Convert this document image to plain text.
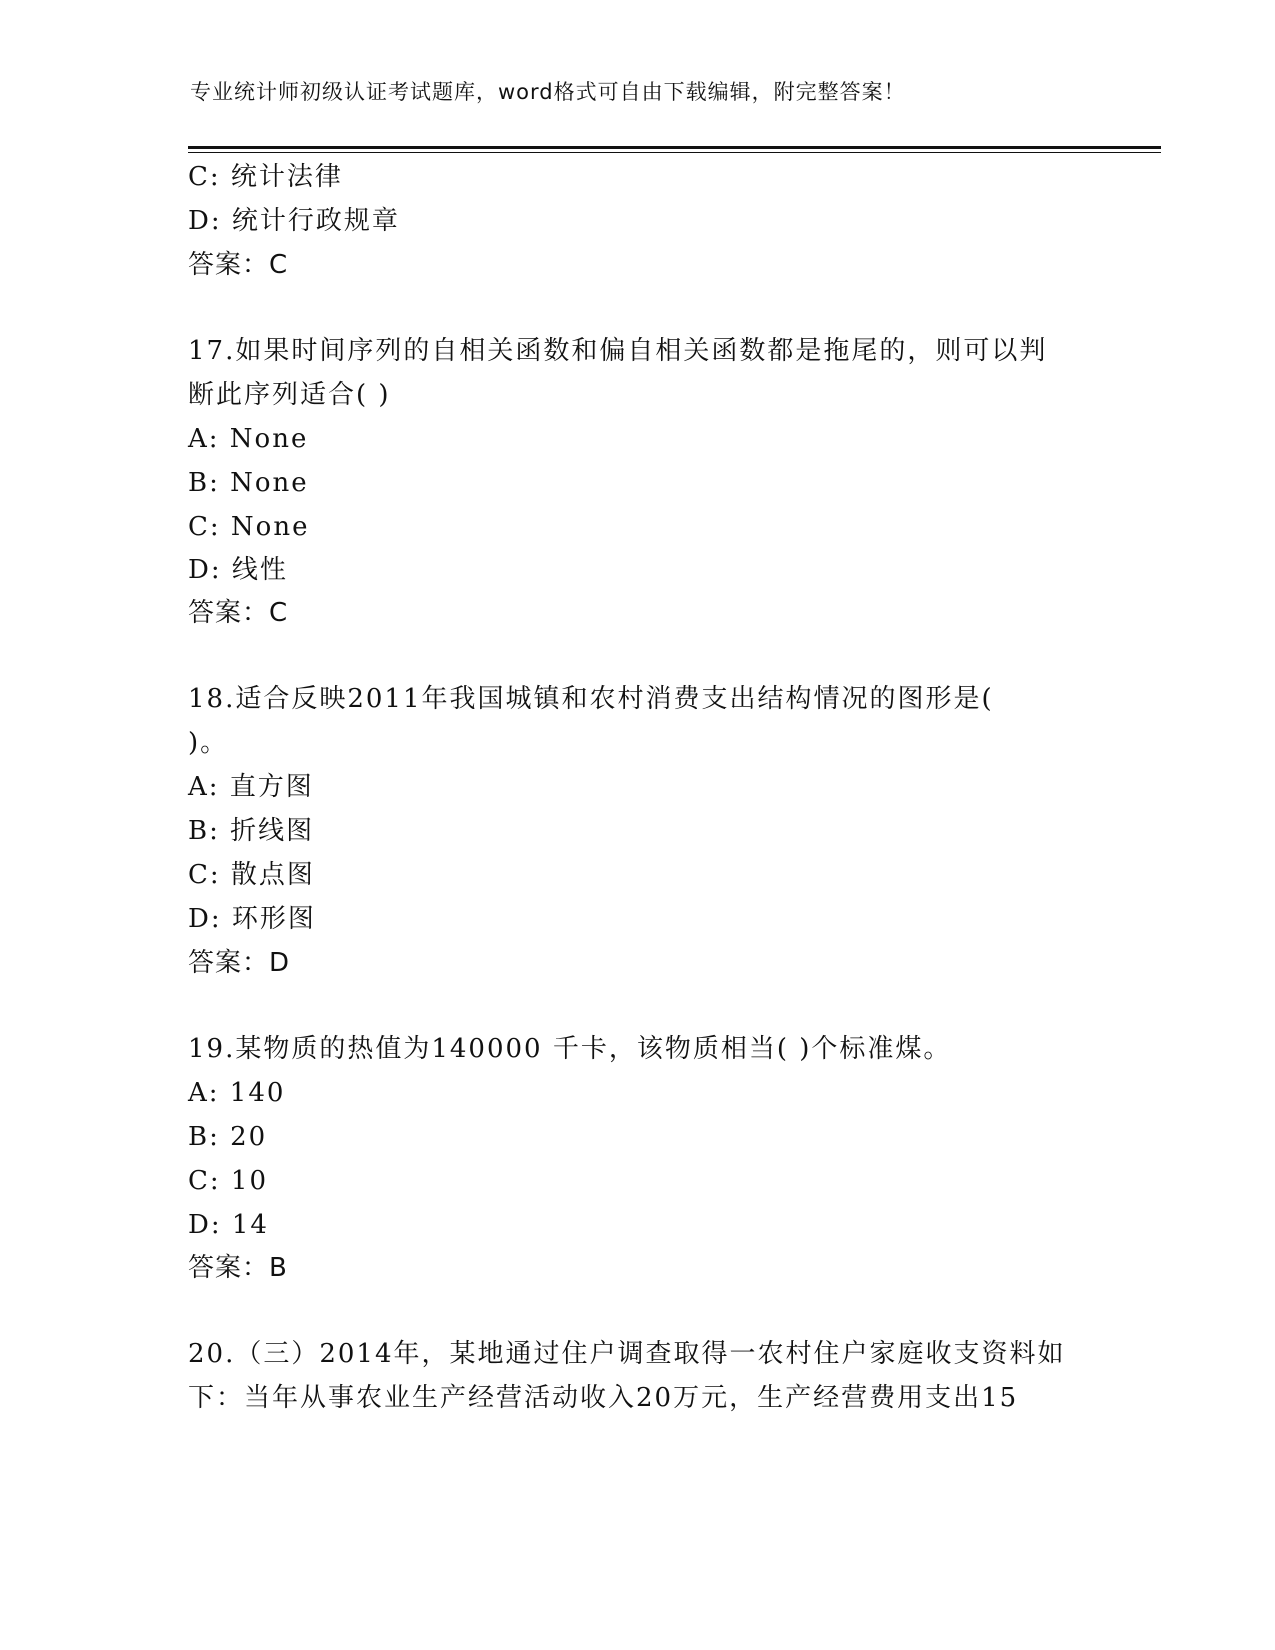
专业统计师初级认证考试题库，word格式可自由下载编辑，附完整答案！
C: 统计法律
D: 统计行政规章
答案：C
17.如果时间序列的自相关函数和偏自相关函数都是拖尾的，则可以判
断此序列适合( )
A: None
B: None
C: None
D: 线性
答案：C
18.适合反映2011年我国城镇和农村消费支出结构情况的图形是(
)。
A: 直方图
B: 折线图
C: 散点图
D: 环形图
答案：D
19.某物质的热值为140000 千卡，该物质相当( )个标准煤。
A: 140
B: 20
C: 10
D: 14
答案：B
20.（三）2014年，某地通过住户调查取得一农村住户家庭收支资料如
下：当年从事农业生产经营活动收入20万元，生产经营费用支出15
